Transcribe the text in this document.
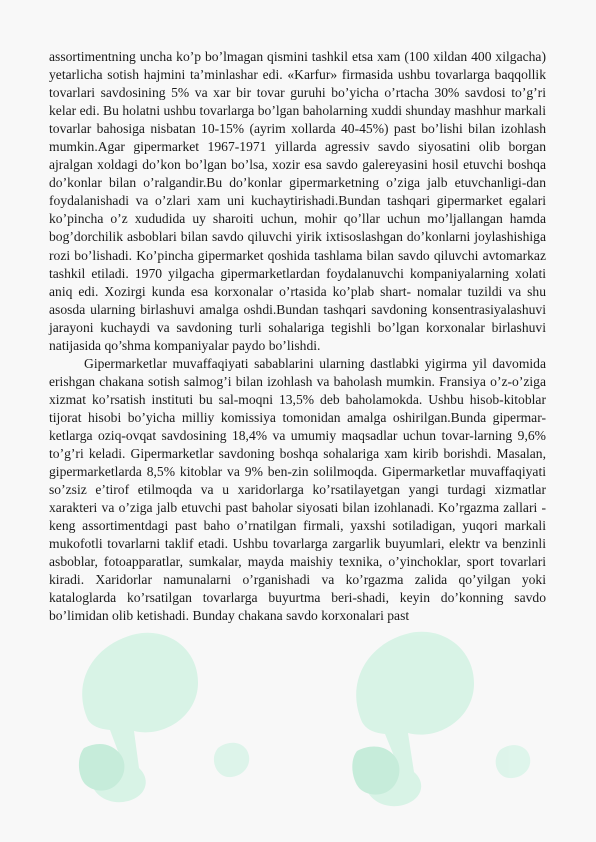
assortimentning uncha ko’p bo’lmagan qismini tashkil etsa xam (100 xildan 400 xilgacha) yetarlicha sotish hajmini ta’minlashar edi. «Karfur» firmasida ushbu tovarlarga baqqollik tovarlari savdosining 5% va xar bir tovar guruhi bo’yicha o’rtacha 30% savdosi to’g’ri kelar edi. Bu holatni ushbu tovarlarga bo’lgan baholarning xuddi shunday mashhur markali tovarlar bahosiga nisbatan 10-15% (ayrim xollarda 40-45%) past bo’lishi bilan izohlash mumkin.Agar gipermarket 1967-1971 yillarda agressiv savdo siyosatini olib borgan ajralgan xoldagi do’kon bo’lgan bo’lsa, xozir esa savdo galereyasini hosil etuvchi boshqa do’konlar bilan o’ralgandir.Bu do’konlar gipermarketning o’ziga jalb etuvchanligi-dan foydalanishadi va o’zlari xam uni kuchaytirishadi.Bundan tashqari gipermarket egalari ko’pincha o’z xududida uy sharoiti uchun, mohir qo’llar uchun mo’ljallangan hamda bog’dorchilik asboblari bilan savdo qiluvchi yirik ixtisoslashgan do’konlarni joylashishiga rozi bo’lishadi. Ko’pincha gipermarket qoshida tashlama bilan savdo qiluvchi avtomarkaz tashkil etiladi. 1970 yilgacha gipermarketlardan foydalanuvchi kompaniyalarning xolati aniq edi. Xozirgi kunda esa korxonalar o’rtasida ko’plab shart- nomalar tuzildi va shu asosda ularning birlashuvi amalga oshdi.Bundan tashqari savdoning konsentrasiyalashuvi jarayoni kuchaydi va savdoning turli sohalariga tegishli bo’lgan korxonalar birlashuvi natijasida qo’shma kompaniyalar paydo bo’lishdi.

Gipermarketlar muvaffaqiyati sabablarini ularning dastlabki yigirma yil davomida erishgan chakana sotish salmog’i bilan izohlash va baholash mumkin. Fransiya o’z-o’ziga xizmat ko’rsatish instituti bu sal-moqni 13,5% deb baholamokda. Ushbu hisob-kitoblar tijorat hisobi bo’yicha milliy komissiya tomonidan amalga oshirilgan.Bunda gipermar-ketlarga oziq-ovqat savdosining 18,4% va umumiy maqsadlar uchun tovar-larning 9,6% to’g’ri keladi. Gipermarketlar savdoning boshqa sohalariga xam kirib borishdi. Masalan, gipermarketlarda 8,5% kitoblar va 9% ben-zin solilmoqda. Gipermarketlar muvaffaqiyati so’zsiz e’tirof etilmoqda va u xaridorlarga ko’rsatilayetgan yangi turdagi xizmatlar xarakteri va o’ziga jalb etuvchi past baholar siyosati bilan izohlanadi. Ko’rgazma zallari - keng assortimentdagi past baho o’rnatilgan firmali, yaxshi sotiladigan, yuqori markali mukofotli tovarlarni taklif etadi. Ushbu tovarlarga zargarlik buyumlari, elektr va benzinli asboblar, fotoapparatlar, sumkalar, mayda maishiy texnika, o’yinchoklar, sport tovarlari kiradi. Xaridorlar namunalarni o’rganishadi va ko’rgazma zalida qo’yilgan yoki kataloglarda ko’rsatilgan tovarlarga buyurtma beri-shadi, keyin do’konning savdo bo’limidan olib ketishadi. Bunday chakana savdo korxonalari past
